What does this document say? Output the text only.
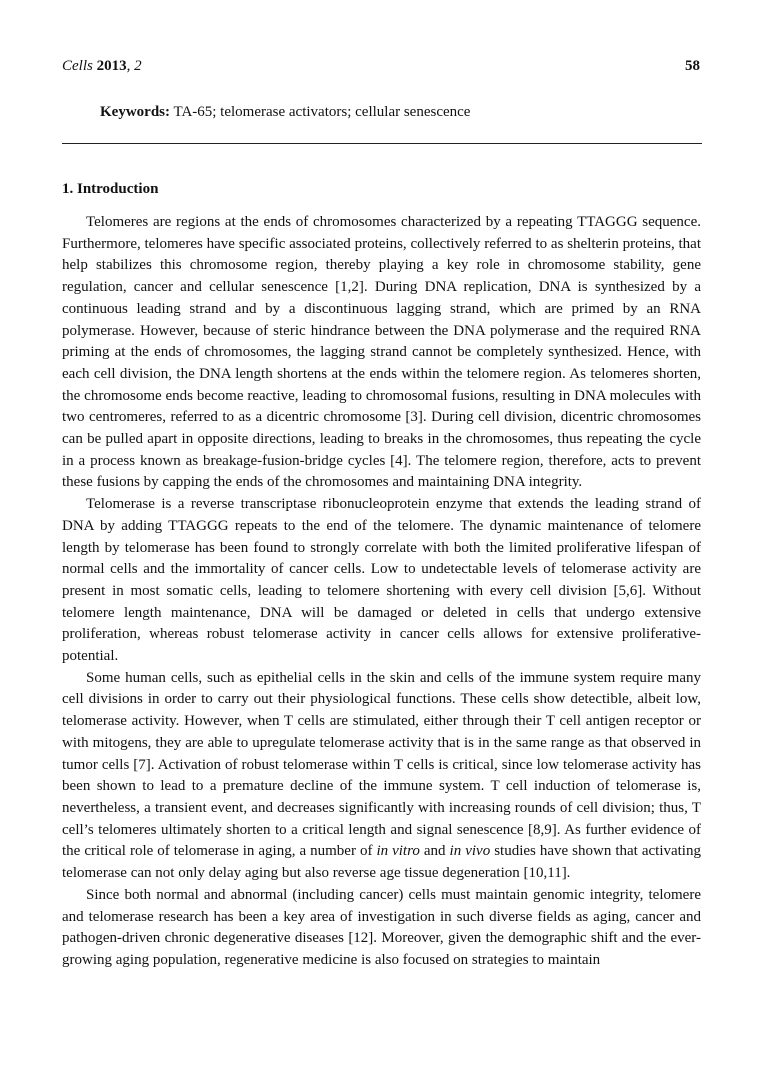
Cells 2013, 2	58
Keywords: TA-65; telomerase activators; cellular senescence
1. Introduction

Telomeres are regions at the ends of chromosomes characterized by a repeating TTAGGG sequence. Furthermore, telomeres have specific associated proteins, collectively referred to as shelterin proteins, that help stabilizes this chromosome region, thereby playing a key role in chromosome stability, gene regulation, cancer and cellular senescence [1,2]. During DNA replication, DNA is synthesized by a continuous leading strand and by a discontinuous lagging strand, which are primed by an RNA polymerase. However, because of steric hindrance between the DNA polymerase and the required RNA priming at the ends of chromosomes, the lagging strand cannot be completely synthesized. Hence, with each cell division, the DNA length shortens at the ends within the telomere region. As telomeres shorten, the chromosome ends become reactive, leading to chromosomal fusions, resulting in DNA molecules with two centromeres, referred to as a dicentric chromosome [3]. During cell division, dicentric chromosomes can be pulled apart in opposite directions, leading to breaks in the chromosomes, thus repeating the cycle in a process known as breakage-fusion-bridge cycles [4]. The telomere region, therefore, acts to prevent these fusions by capping the ends of the chromosomes and maintaining DNA integrity.

Telomerase is a reverse transcriptase ribonucleoprotein enzyme that extends the leading strand of DNA by adding TTAGGG repeats to the end of the telomere. The dynamic maintenance of telomere length by telomerase has been found to strongly correlate with both the limited proliferative lifespan of normal cells and the immortality of cancer cells. Low to undetectable levels of telomerase activity are present in most somatic cells, leading to telomere shortening with every cell division [5,6]. Without telomere length maintenance, DNA will be damaged or deleted in cells that undergo extensive proliferation, whereas robust telomerase activity in cancer cells allows for extensive proliferative-potential.

Some human cells, such as epithelial cells in the skin and cells of the immune system require many cell divisions in order to carry out their physiological functions. These cells show detectible, albeit low, telomerase activity. However, when T cells are stimulated, either through their T cell antigen receptor or with mitogens, they are able to upregulate telomerase activity that is in the same range as that observed in tumor cells [7]. Activation of robust telomerase within T cells is critical, since low telomerase activity has been shown to lead to a premature decline of the immune system. T cell induction of telomerase is, nevertheless, a transient event, and decreases significantly with increasing rounds of cell division; thus, T cell’s telomeres ultimately shorten to a critical length and signal senescence [8,9]. As further evidence of the critical role of telomerase in aging, a number of in vitro and in vivo studies have shown that activating telomerase can not only delay aging but also reverse age tissue degeneration [10,11].

Since both normal and abnormal (including cancer) cells must maintain genomic integrity, telomere and telomerase research has been a key area of investigation in such diverse fields as aging, cancer and pathogen-driven chronic degenerative diseases [12]. Moreover, given the demographic shift and the ever-growing aging population, regenerative medicine is also focused on strategies to maintain
